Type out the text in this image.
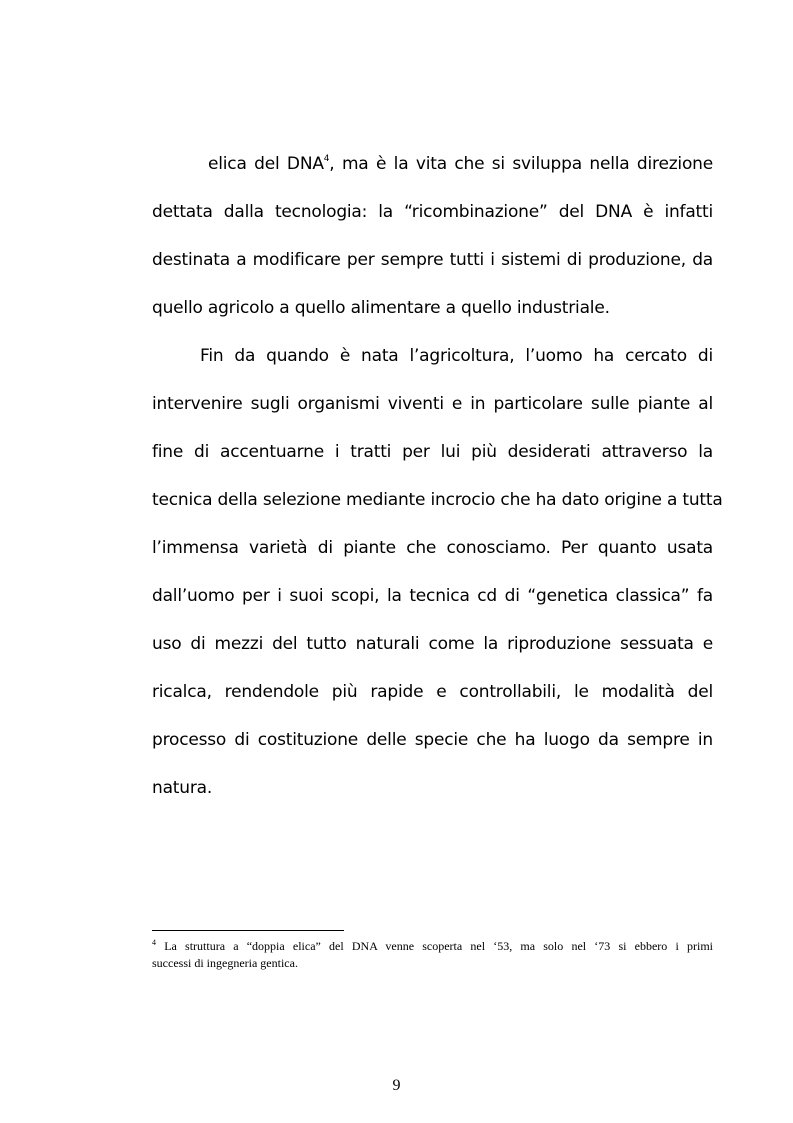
elica del DNA$^4$, ma è la vita che si sviluppa nella direzione
dettata dalla tecnologia: la “ricombinazione” del DNA è infatti
destinata a modificare per sempre tutti i sistemi di produzione, da
quello agricolo a quello alimentare a quello industriale.
Fin da quando è nata l’agricoltura, l’uomo ha cercato di
intervenire sugli organismi viventi e in particolare sulle piante al
fine di accentuarne i tratti per lui più desiderati attraverso la
tecnica della selezione mediante incrocio che ha dato origine a tutta
l’immensa varietà di piante che conosciamo. Per quanto usata
dall’uomo per i suoi scopi, la tecnica cd di “genetica classica” fa
uso di mezzi del tutto naturali come la riproduzione sessuata e
ricalca, rendendole più rapide e controllabili, le modalità del
processo di costituzione delle specie che ha luogo da sempre in
natura.
$^4$ La struttura a “doppia elica” del DNA venne scoperta nel ‘53, ma solo nel ‘73 si ebbero i primi
successi di ingegneria gentica.
9
